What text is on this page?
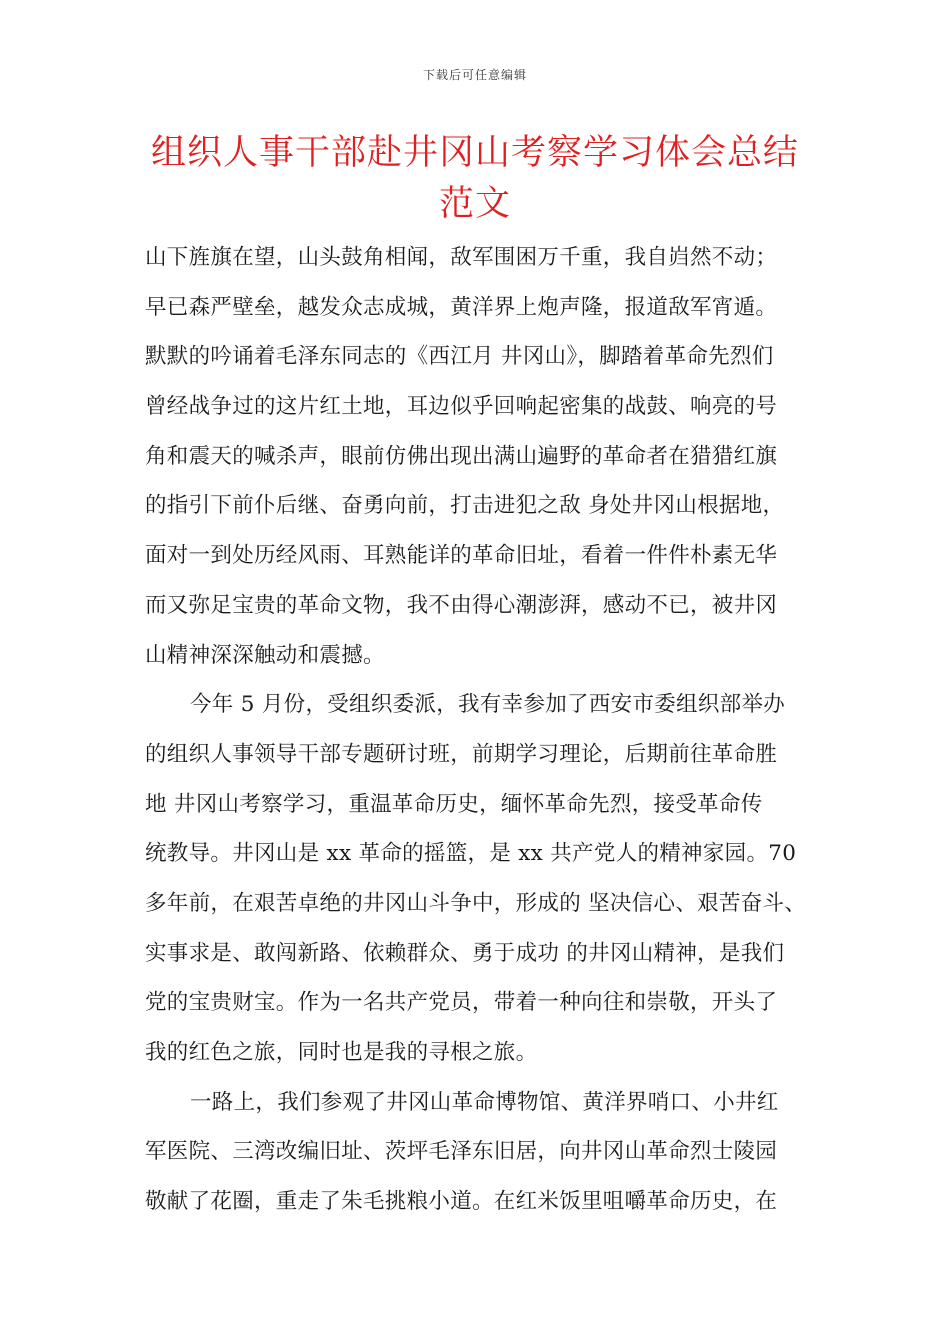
下载后可任意编辑
组织人事干部赴井冈山考察学习体会总结
范文
山下旌旗在望，山头鼓角相闻，敌军围困万千重，我自岿然不动；
早已森严壁垒，越发众志成城，黄洋界上炮声隆，报道敌军宵遁。
默默的吟诵着毛泽东同志的《西江月 井冈山》，脚踏着革命先烈们
曾经战争过的这片红土地，耳边似乎回响起密集的战鼓、响亮的号
角和震天的喊杀声，眼前仿佛出现出满山遍野的革命者在猎猎红旗
的指引下前仆后继、奋勇向前，打击进犯之敌 身处井冈山根据地，
面对一到处历经风雨、耳熟能详的革命旧址，看着一件件朴素无华
而又弥足宝贵的革命文物，我不由得心潮澎湃，感动不已，被井冈
山精神深深触动和震撼。
今年 5 月份，受组织委派，我有幸参加了西安市委组织部举办
的组织人事领导干部专题研讨班，前期学习理论，后期前往革命胜
地 井冈山考察学习，重温革命历史，缅怀革命先烈，接受革命传
统教导。井冈山是 xx 革命的摇篮，是 xx 共产党人的精神家园。70
多年前，在艰苦卓绝的井冈山斗争中，形成的 坚决信心、艰苦奋斗、
实事求是、敢闯新路、依赖群众、勇于成功 的井冈山精神，是我们
党的宝贵财宝。作为一名共产党员，带着一种向往和崇敬，开头了
我的红色之旅，同时也是我的寻根之旅。
一路上，我们参观了井冈山革命博物馆、黄洋界哨口、小井红
军医院、三湾改编旧址、茨坪毛泽东旧居，向井冈山革命烈士陵园
敬献了花圈，重走了朱毛挑粮小道。在红米饭里咀嚼革命历史，在
